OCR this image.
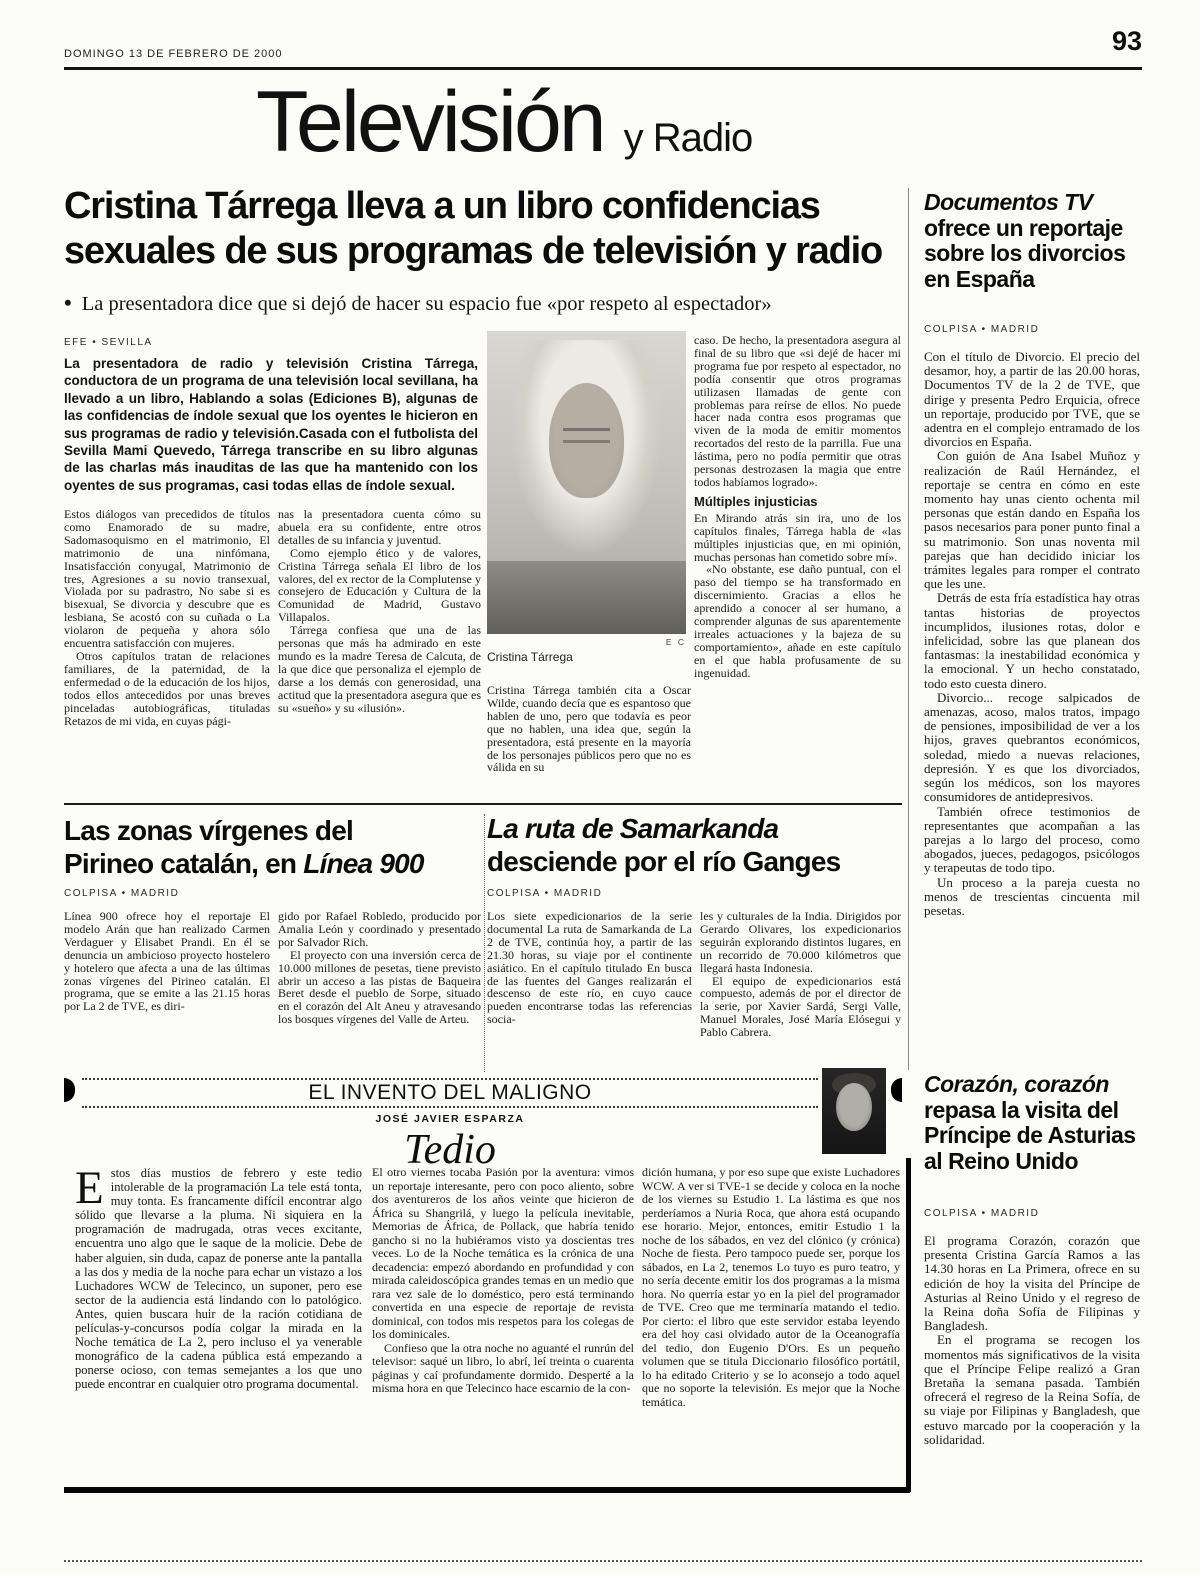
DOMINGO 13 DE FEBRERO DE 2000	93
Televisión y Radio
Cristina Tárrega lleva a un libro confidencias
sexuales de sus programas de televisión y radio
• La presentadora dice que si dejó de hacer su espacio fue «por respeto al espectador»
EFE • SEVILLA
La presentadora de radio y televisión Cristina Tárrega, conductora de un programa de una televisión local sevillana, ha llevado a un libro, Hablando a solas (Ediciones B), algunas de las confidencias de índole sexual que los oyentes le hicieron en sus programas de radio y televisión.Casada con el futbolista del Sevilla Mami Quevedo, Tárrega transcribe en su libro algunas de las charlas más inauditas de las que ha mantenido con los oyentes de sus programas, casi todas ellas de índole sexual.

Estos diálogos van precedidos de títulos como Enamorado de su madre, Sadomasoquismo en el matrimonio, El matrimonio de una ninfómana, Insatisfacción conyugal, Matrimonio de tres, Agresiones a su novio transexual, Violada por su padrastro, No sabe si es bisexual, Se divorcia y descubre que es lesbiana, Se acostó con su cuñada o La violaron de pequeña y ahora sólo encuentra satisfacción con mujeres.

Otros capítulos tratan de relaciones familiares, de la paternidad, de la enfermedad o de la educación de los hijos, todos ellos antecedidos por unas breves pinceladas autobiográficas, tituladas Retazos de mi vida, en cuyas pági-

nas la presentadora cuenta cómo su abuela era su confidente, entre otros detalles de su infancia y juventud.

Como ejemplo ético y de valores, Cristina Tárrega señala El libro de los valores, del ex rector de la Complutense y consejero de Educación y Cultura de la Comunidad de Madrid, Gustavo Villapalos.

Tárrega confiesa que una de las personas que más ha admirado en este mundo es la madre Teresa de Calcuta, de la que dice que personaliza el ejemplo de darse a los demás con generosidad, una actitud que la presentadora asegura que es su «sueño» y su «ilusión».

E C
Cristina Tárrega

Cristina Tárrega también cita a Oscar Wilde, cuando decía que es espantoso que hablen de uno, pero que todavía es peor que no hablen, una idea que, según la presentadora, está presente en la mayoría de los personajes públicos pero que no es válida en su

caso. De hecho, la presentadora asegura al final de su libro que «si dejé de hacer mi programa fue por respeto al espectador, no podía consentir que otros programas utilizasen llamadas de gente con problemas para reírse de ellos. No puede hacer nada contra esos programas que viven de la moda de emitir momentos recortados del resto de la parrilla. Fue una lástima, pero no podía permitir que otras personas destrozasen la magia que entre todos habíamos logrado».

Múltiples injusticias

En Mirando atrás sin ira, uno de los capítulos finales, Tárrega habla de «las múltiples injusticias que, en mi opinión, muchas personas han cometido sobre mí».

«No obstante, ese daño puntual, con el paso del tiempo se ha transformado en discernimiento. Gracias a ellos he aprendido a conocer al ser humano, a comprender algunas de sus aparentemente irreales actuaciones y la bajeza de su comportamiento», añade en este capítulo en el que habla profusamente de su ingenuidad.

Las zonas vírgenes del
Pirineo catalán, en Línea 900
COLPISA • MADRID

Línea 900 ofrece hoy el reportaje El modelo Arán que han realizado Carmen Verdaguer y Elisabet Prandi. En él se denuncia un ambicioso proyecto hostelero y hotelero que afecta a una de las últimas zonas vírgenes del Pirineo catalán. El programa, que se emite a las 21.15 horas por La 2 de TVE, es diri-

gido por Rafael Robledo, producido por Amalia León y coordinado y presentado por Salvador Rich.

El proyecto con una inversión cerca de 10.000 millones de pesetas, tiene previsto abrir un acceso a las pistas de Baqueira Beret desde el pueblo de Sorpe, situado en el corazón del Alt Aneu y atravesando los bosques vírgenes del Valle de Arteu.

La ruta de Samarkanda
desciende por el río Ganges
COLPISA • MADRID

Los siete expedicionarios de la serie documental La ruta de Samarkanda de La 2 de TVE, continúa hoy, a partir de las 21.30 horas, su viaje por el continente asiático. En el capítulo titulado En busca de las fuentes del Ganges realizarán el descenso de este río, en cuyo cauce pueden encontrarse todas las referencias socia-

les y culturales de la India. Dirigidos por Gerardo Olivares, los expedicionarios seguirán explorando distintos lugares, en un recorrido de 70.000 kilómetros que llegará hasta Indonesia.

El equipo de expedicionarios está compuesto, además de por el director de la serie, por Xavier Sardá, Sergi Valle, Manuel Morales, José María Elósegui y Pablo Cabrera.

Documentos TV ofrece un reportaje sobre los divorcios en España
COLPISA • MADRID

Con el título de Divorcio. El precio del desamor, hoy, a partir de las 20.00 horas, Documentos TV de la 2 de TVE, que dirige y presenta Pedro Erquicia, ofrece un reportaje, producido por TVE, que se adentra en el complejo entramado de los divorcios en España.

Con guión de Ana Isabel Muñoz y realización de Raúl Hernández, el reportaje se centra en cómo en este momento hay unas ciento ochenta mil personas que están dando en España los pasos necesarios para poner punto final a su matrimonio. Son unas noventa mil parejas que han decidido iniciar los trámites legales para romper el contrato que les une.

Detrás de esta fría estadística hay otras tantas historias de proyectos incumplidos, ilusiones rotas, dolor e infelicidad, sobre las que planean dos fantasmas: la inestabilidad económica y la emocional. Y un hecho constatado, todo esto cuesta dinero.

Divorcio... recoge salpicados de amenazas, acoso, malos tratos, impago de pensiones, imposibilidad de ver a los hijos, graves quebrantos económicos, soledad, miedo a nuevas relaciones, depresión. Y es que los divorciados, según los médicos, son los mayores consumidores de antidepresivos.

También ofrece testimonios de representantes que acompañan a las parejas a lo largo del proceso, como abogados, jueces, pedagogos, psicólogos y terapeutas de todo tipo.

Un proceso a la pareja cuesta no menos de trescientas cincuenta mil pesetas.

EL INVENTO DEL MALIGNO
JOSÉ JAVIER ESPARZA
Tedio

Estos días mustios de febrero y este tedio intolerable de la programación La tele está tonta, muy tonta. Es francamente difícil encontrar algo sólido que llevarse a la pluma. Ni siquiera en la programación de madrugada, otras veces excitante, encuentra uno algo que le saque de la molicie. Debe de haber alguien, sin duda, capaz de ponerse ante la pantalla a las dos y media de la noche para echar un vistazo a los Luchadores WCW de Telecinco, un suponer, pero ese sector de la audiencia está lindando con lo patológico. Antes, quien buscara huir de la ración cotidiana de películas-y-concursos podía colgar la mirada en la Noche temática de La 2, pero incluso el ya venerable monográfico de la cadena pública está empezando a ponerse ocioso, con temas semejantes a los que uno puede encontrar en cualquier otro programa documental.

El otro viernes tocaba Pasión por la aventura: vimos un reportaje interesante, pero con poco aliento, sobre dos aventureros de los años veinte que hicieron de África su Shangrilá, y luego la película inevitable, Memorias de África, de Pollack, que habría tenido gancho si no la hubiéramos visto ya doscientas tres veces. Lo de la Noche temática es la crónica de una decadencia: empezó abordando en profundidad y con mirada caleidoscópica grandes temas en un medio que rara vez sale de lo doméstico, pero está terminando convertida en una especie de reportaje de revista dominical, con todos mis respetos para los colegas de los dominicales.

Confieso que la otra noche no aguanté el runrún del televisor: saqué un libro, lo abrí, leí treinta o cuarenta páginas y caí profundamente dormido. Desperté a la misma hora en que Telecinco hace escarnio de la con-

dición humana, y por eso supe que existe Luchadores WCW. A ver si TVE-1 se decide y coloca en la noche de los viernes su Estudio 1. La lástima es que nos perderíamos a Nuria Roca, que ahora está ocupando ese horario. Mejor, entonces, emitir Estudio 1 la noche de los sábados, en vez del clónico (y crónica) Noche de fiesta. Pero tampoco puede ser, porque los sábados, en La 2, tenemos Lo tuyo es puro teatro, y no sería decente emitir los dos programas a la misma hora. No querría estar yo en la piel del programador de TVE. Creo que me terminaría matando el tedio. Por cierto: el libro que este servidor estaba leyendo era del hoy casi olvidado autor de la Oceanografía del tedio, don Eugenio D'Ors. Es un pequeño volumen que se titula Diccionario filosófico portátil, lo ha editado Criterio y se lo aconsejo a todo aquel que no soporte la televisión. Es mejor que la Noche temática.

Corazón, corazón repasa la visita del Príncipe de Asturias al Reino Unido
COLPISA • MADRID

El programa Corazón, corazón que presenta Cristina García Ramos a las 14.30 horas en La Primera, ofrece en su edición de hoy la visita del Príncipe de Asturias al Reino Unido y el regreso de la Reina doña Sofía de Filipinas y Bangladesh.

En el programa se recogen los momentos más significativos de la visita que el Príncipe Felipe realizó a Gran Bretaña la semana pasada. También ofrecerá el regreso de la Reina Sofía, de su viaje por Filipinas y Bangladesh, que estuvo marcado por la cooperación y la solidaridad.
